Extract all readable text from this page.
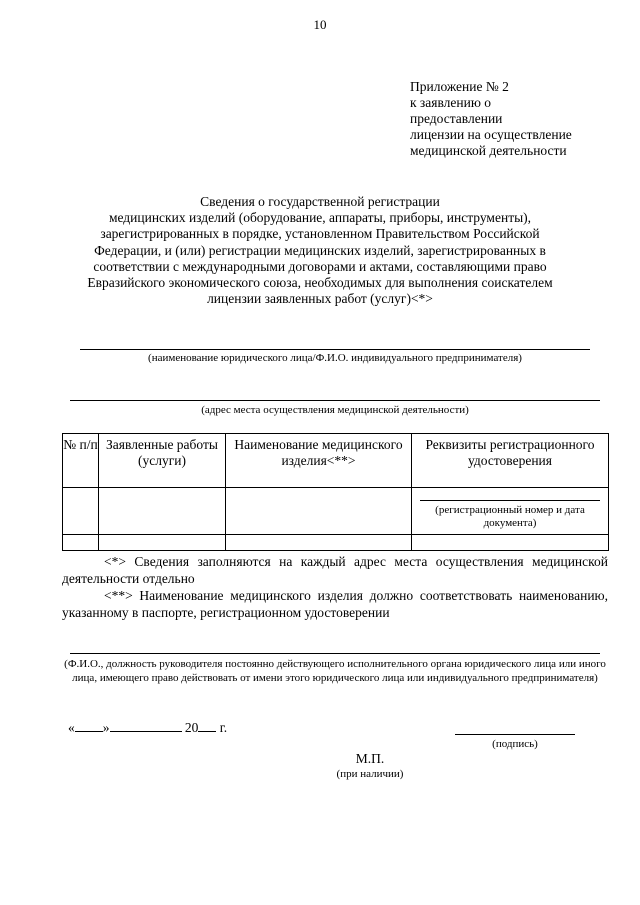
10
Приложение № 2
к заявлению о
предоставлении
лицензии на осуществление
медицинской деятельности
Сведения о государственной регистрации
медицинских изделий (оборудование, аппараты, приборы, инструменты),
зарегистрированных в порядке, установленном Правительством Российской
Федерации, и (или) регистрации медицинских изделий, зарегистрированных в
соответствии с международными договорами и актами, составляющими право
Евразийского экономического союза, необходимых для выполнения соискателем
лицензии заявленных работ (услуг)<*>
(наименование юридического лица/Ф.И.О. индивидуального предпринимателя)
(адрес места осуществления медицинской деятельности)
№ п/п	Заявленные работы (услуги)	Наименование медицинского изделия<**>	Реквизиты регистрационного удостоверения

			(регистрационный номер и дата документа)

<*> Сведения заполняются на каждый адрес места осуществления медицинской деятельности отдельно
<**> Наименование медицинского изделия должно соответствовать наименованию, указанному в паспорте, регистрационном удостоверении
(Ф.И.О., должность руководителя постоянно действующего исполнительного органа юридического лица или иного лица, имеющего право действовать от имени этого юридического лица или индивидуального предпринимателя)
« »	20 г.
(подпись)
М.П.
(при наличии)
